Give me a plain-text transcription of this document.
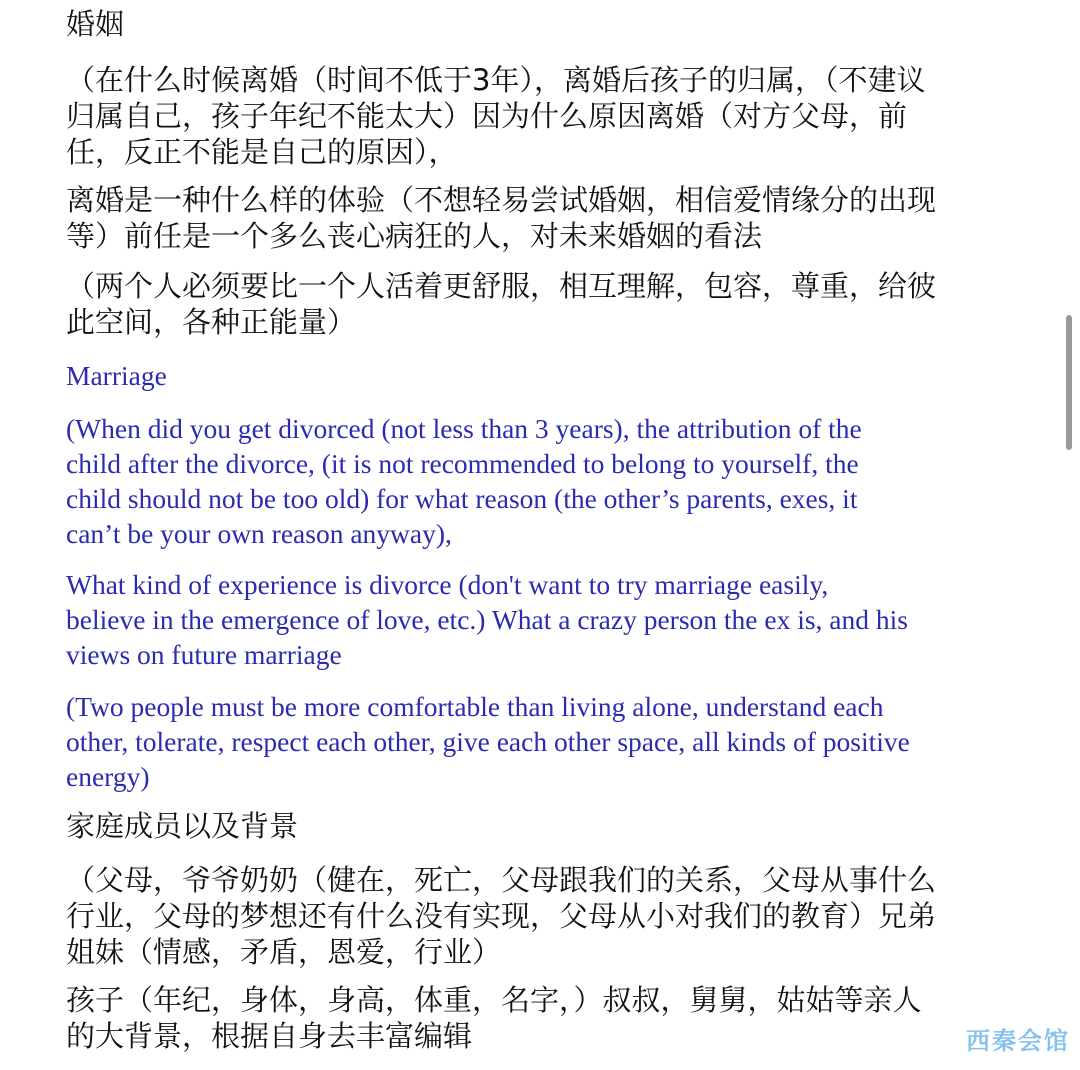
婚姻

（在什么时候离婚（时间不低于3年），离婚后孩子的归属，（不建议
归属自己，孩子年纪不能太大）因为什么原因离婚（对方父母，前
任，反正不能是自己的原因），

离婚是一种什么样的体验（不想轻易尝试婚姻，相信爱情缘分的出现
等）前任是一个多么丧心病狂的人，对未来婚姻的看法

（两个人必须要比一个人活着更舒服，相互理解，包容，尊重，给彼
此空间，各种正能量）

Marriage

(When did you get divorced (not less than 3 years), the attribution of the
child after the divorce, (it is not recommended to belong to yourself, the
child should not be too old) for what reason (the other’s parents, exes, it
can’t be your own reason anyway),

What kind of experience is divorce (don't want to try marriage easily,
believe in the emergence of love, etc.) What a crazy person the ex is, and his
views on future marriage

(Two people must be more comfortable than living alone, understand each
other, tolerate, respect each other, give each other space, all kinds of positive
energy)

家庭成员以及背景

（父母，爷爷奶奶（健在，死亡，父母跟我们的关系，父母从事什么
行业，父母的梦想还有什么没有实现，父母从小对我们的教育）兄弟
姐妹（情感，矛盾，恩爱，行业）

孩子（年纪，身体，身高，体重，名字，）叔叔，舅舅，姑姑等亲人
的大背景，根据自身去丰富编辑	西秦会馆
